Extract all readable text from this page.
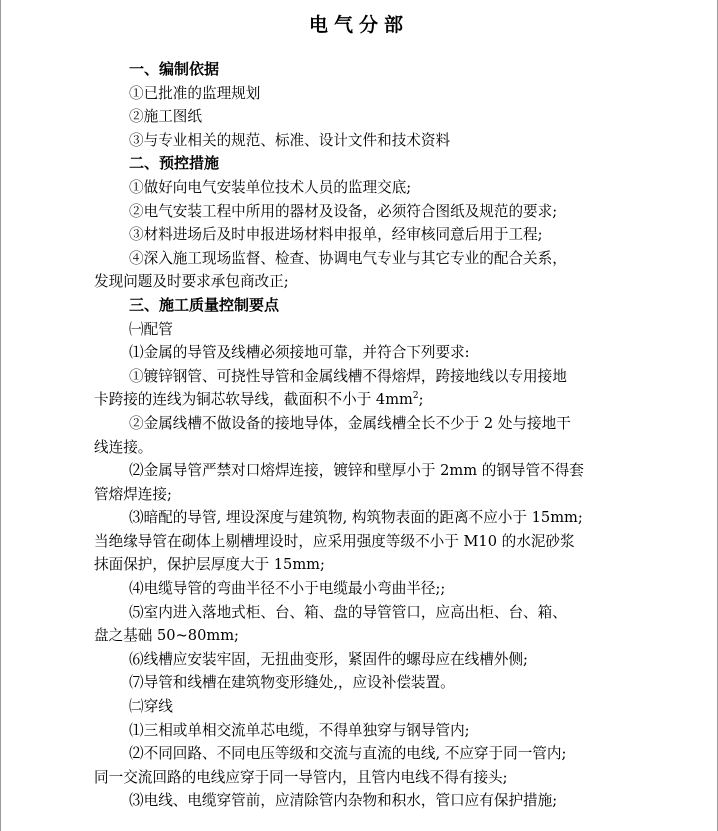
电气分部

一、编制依据

①已批准的监理规划

②施工图纸

③与专业相关的规范、标准、设计文件和技术资料

二、预控措施

①做好向电气安装单位技术人员的监理交底;

②电气安装工程中所用的器材及设备，必须符合图纸及规范的要求;

③材料进场后及时申报进场材料申报单，经审核同意后用于工程;

④深入施工现场监督、检查、协调电气专业与其它专业的配合关系，

发现问题及时要求承包商改正;

三、施工质量控制要点

㈠配管

⑴金属的导管及线槽必须接地可靠，并符合下列要求:

①镀锌钢管、可挠性导管和金属线槽不得熔焊，跨接地线以专用接地

卡跨接的连线为铜芯软导线，截面积不小于 $4mm^2$;

②金属线槽不做设备的接地导体，金属线槽全长不少于 2 处与接地干

线连接。

⑵金属导管严禁对口熔焊连接，镀锌和壁厚小于 2mm 的钢导管不得套

管熔焊连接;

⑶暗配的导管, 埋设深度与建筑物, 构筑物表面的距离不应小于 15mm;

当绝缘导管在砌体上剔槽埋设时，应采用强度等级不小于 M10 的水泥砂浆

抹面保护，保护层厚度大于 15mm;

⑷电缆导管的弯曲半径不小于电缆最小弯曲半径;;

⑸室内进入落地式柜、台、箱、盘的导管管口，应高出柜、台、箱、

盘之基础 50~80mm;

⑹线槽应安装牢固，无扭曲变形，紧固件的螺母应在线槽外侧;

⑺导管和线槽在建筑物变形缝处,，应设补偿装置。

㈡穿线

⑴三相或单相交流单芯电缆，不得单独穿与钢导管内;

⑵不同回路、不同电压等级和交流与直流的电线, 不应穿于同一管内;

同一交流回路的电线应穿于同一导管内，且管内电线不得有接头;

⑶电线、电缆穿管前，应清除管内杂物和积水，管口应有保护措施;
